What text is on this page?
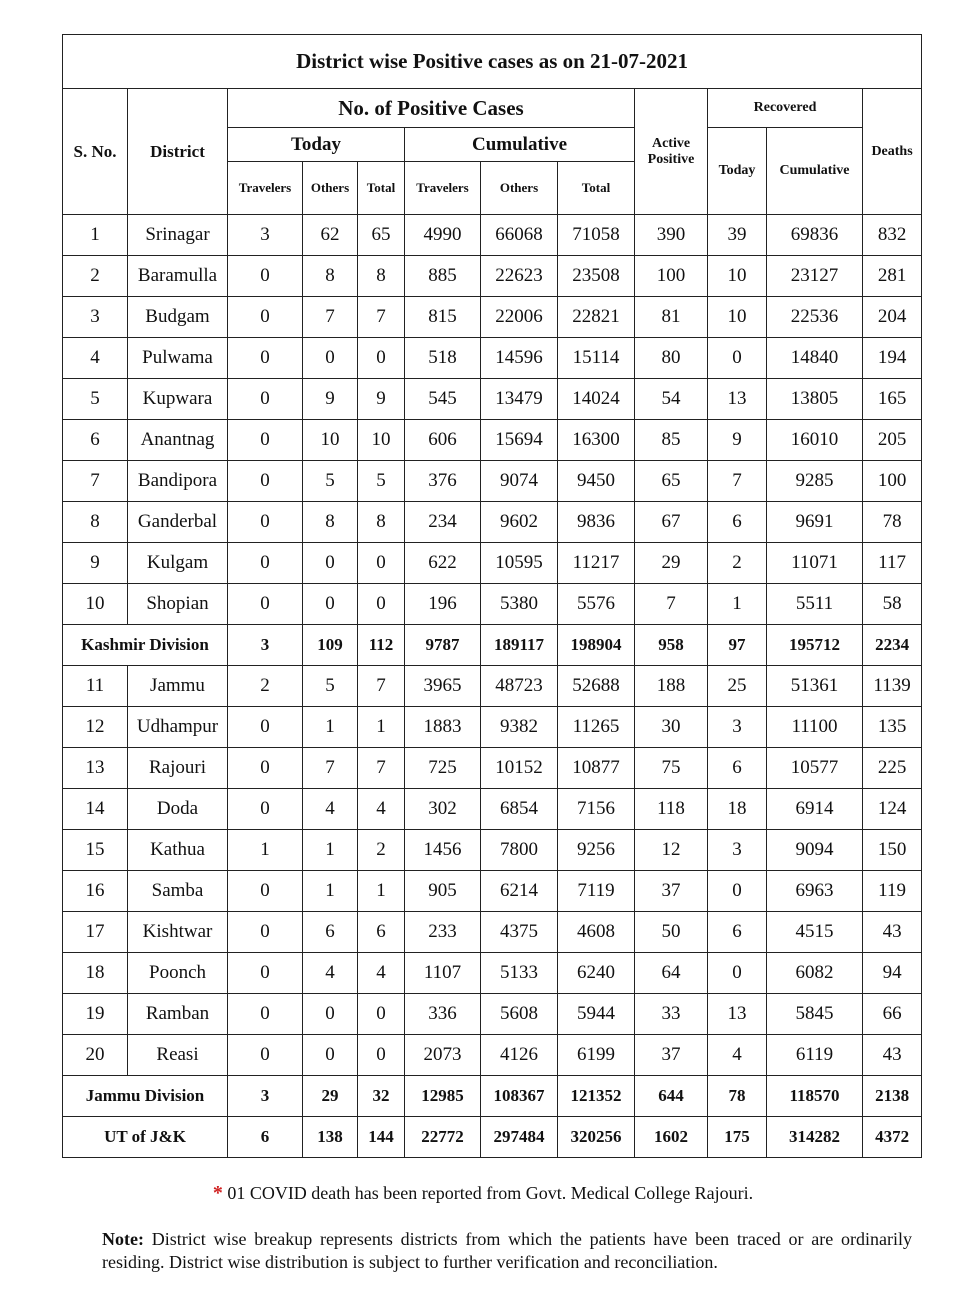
District wise Positive cases as on 21-07-2021											
S. No.	District	No. of Positive Cases						Active Positive	Recovered		Deaths
		Today			Cumulative				Today	Cumulative	
		Travelers	Others	Total	Travelers	Others	Total				
1	Srinagar	3	62	65	4990	66068	71058	390	39	69836	832
2	Baramulla	0	8	8	885	22623	23508	100	10	23127	281
3	Budgam	0	7	7	815	22006	22821	81	10	22536	204
4	Pulwama	0	0	0	518	14596	15114	80	0	14840	194
5	Kupwara	0	9	9	545	13479	14024	54	13	13805	165
6	Anantnag	0	10	10	606	15694	16300	85	9	16010	205
7	Bandipora	0	5	5	376	9074	9450	65	7	9285	100
8	Ganderbal	0	8	8	234	9602	9836	67	6	9691	78
9	Kulgam	0	0	0	622	10595	11217	29	2	11071	117
10	Shopian	0	0	0	196	5380	5576	7	1	5511	58
Kashmir Division		3	109	112	9787	189117	198904	958	97	195712	2234
11	Jammu	2	5	7	3965	48723	52688	188	25	51361	1139
12	Udhampur	0	1	1	1883	9382	11265	30	3	11100	135
13	Rajouri	0	7	7	725	10152	10877	75	6	10577	225
14	Doda	0	4	4	302	6854	7156	118	18	6914	124
15	Kathua	1	1	2	1456	7800	9256	12	3	9094	150
16	Samba	0	1	1	905	6214	7119	37	0	6963	119
17	Kishtwar	0	6	6	233	4375	4608	50	6	4515	43
18	Poonch	0	4	4	1107	5133	6240	64	0	6082	94
19	Ramban	0	0	0	336	5608	5944	33	13	5845	66
20	Reasi	0	0	0	2073	4126	6199	37	4	6119	43
Jammu Division		3	29	32	12985	108367	121352	644	78	118570	2138
UT of J&K		6	138	144	22772	297484	320256	1602	175	314282	4372
* 01 COVID death has been reported from Govt. Medical College Rajouri.
Note: District wise breakup represents districts from which the patients have been traced or are ordinarily residing. District wise distribution is subject to further verification and reconciliation.
